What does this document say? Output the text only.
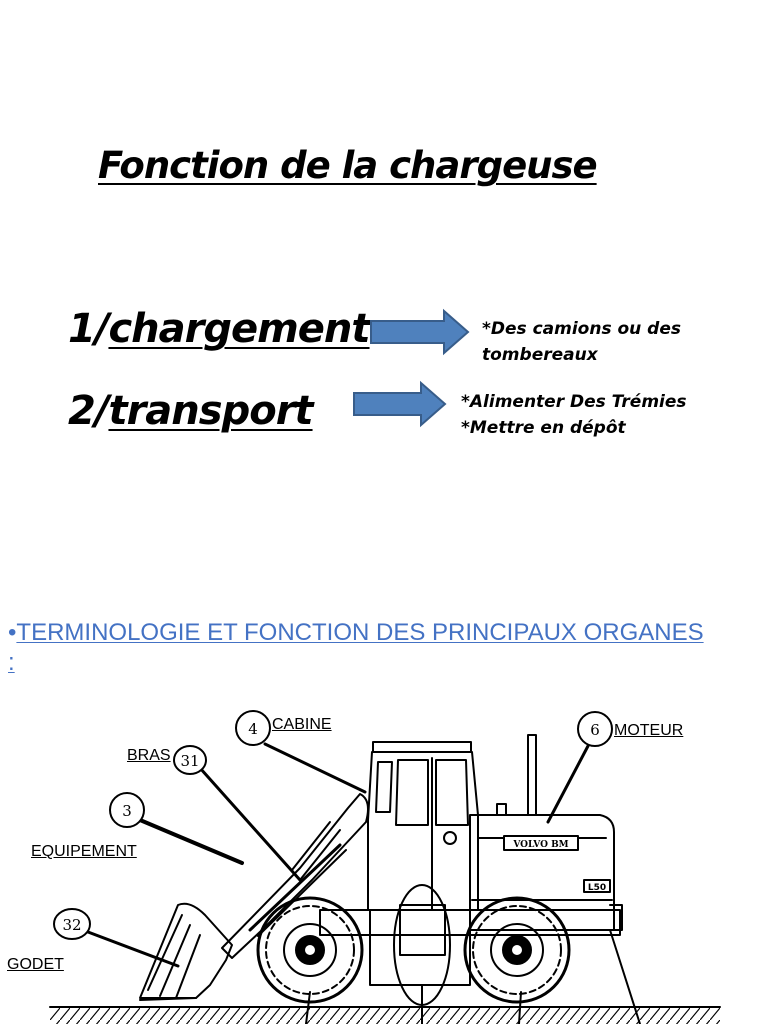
Fonction de la chargeuse
1/chargement	*Des camions ou des
tombereaux
2/transport	*Alimenter Des Trémies
*Mettre en dépôt
•TERMINOLOGIE ET FONCTION DES PRINCIPAUX ORGANES :
CABINE	MOTEUR
BRAS
EQUIPEMENT
GODET
4	6
31
3
32
VOLVO BM
L50
